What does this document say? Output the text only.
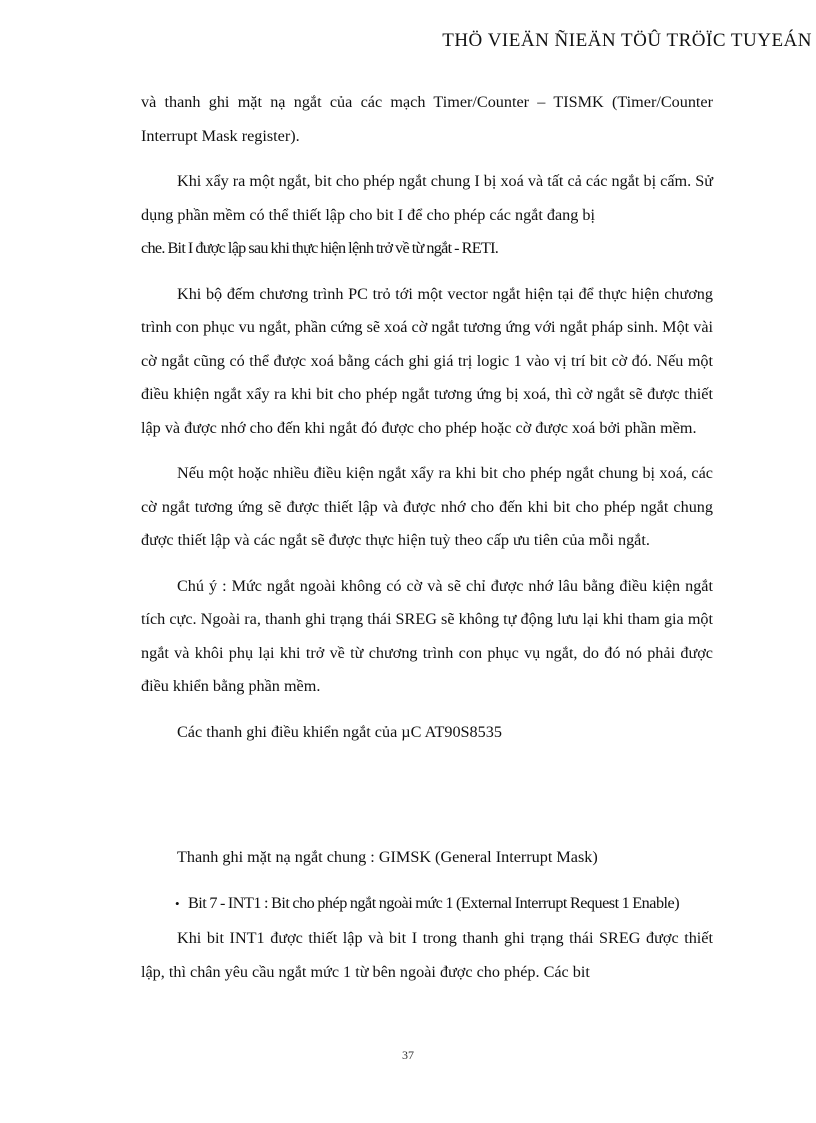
THÖ VIEÄN ÑIEÄN TÖÛ TRÖÏC TUYEÁN

và thanh ghi mặt nạ ngắt của các mạch Timer/Counter – TISMK (Timer/Counter Interrupt Mask register).

Khi xẩy ra một ngắt, bit cho phép ngắt chung I bị xoá và tất cả các ngắt bị cấm. Sử dụng phần mềm có thể thiết lập cho bit I để cho phép các ngắt đang bị

che. Bit I được lập sau khi thực hiện lệnh trở về từ ngắt - RETI.

Khi bộ đếm chương trình PC trỏ tới một vector ngắt hiện tại để thực hiện chương trình con phục vu ngắt, phần cứng sẽ xoá cờ ngắt tương ứng với ngắt pháp sinh. Một vài cờ ngắt cũng có thể được xoá bằng cách ghi giá trị logic 1 vào vị trí bit cờ đó. Nếu một điều khiện ngắt xẩy ra khi bit cho phép ngắt tương ứng bị xoá, thì cờ ngắt sẽ được thiết lập và được nhớ cho đến khi ngắt đó được cho phép hoặc cờ được xoá bởi phần mềm.

Nếu một hoặc nhiều điều kiện ngắt xẩy ra khi bit cho phép ngắt chung bị xoá, các cờ ngắt tương ứng sẽ được thiết lập và được nhớ cho đến khi bit cho phép ngắt chung được thiết lập và các ngắt sẽ được thực hiện tuỳ theo cấp ưu tiên của mỗi ngắt.

Chú ý : Mức ngắt ngoài không có cờ và sẽ chỉ được nhớ lâu bằng điều kiện ngắt tích cực. Ngoài ra, thanh ghi trạng thái SREG sẽ không tự động lưu lại khi tham gia một ngắt và khôi phụ lại khi trở về từ chương trình con phục vụ ngắt, do đó nó phải được điều khiển bằng phần mềm.

Các thanh ghi điều khiển ngắt của µC AT90S8535

Thanh ghi mặt nạ ngắt chung : GIMSK (General Interrupt Mask)

• Bit 7 - INT1 : Bit cho phép ngắt ngoài mức 1 (External Interrupt Request 1 Enable)

Khi bit INT1 được thiết lập và bit I trong thanh ghi trạng thái SREG được thiết lập, thì chân yêu cầu ngắt mức 1 từ bên ngoài được cho phép. Các bit

37
